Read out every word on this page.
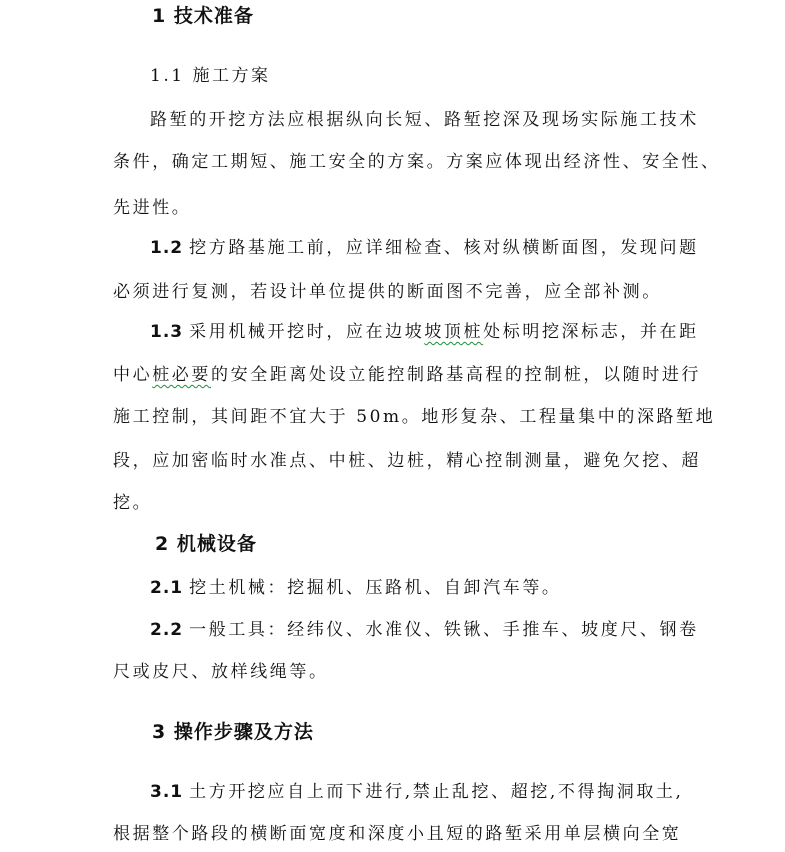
1 技术准备
1.1 施工方案
路堑的开挖方法应根据纵向长短、路堑挖深及现场实际施工技术
条件，确定工期短、施工安全的方案。方案应体现出经济性、安全性、
先进性。
1.2 挖方路基施工前，应详细检查、核对纵横断面图，发现问题
必须进行复测，若设计单位提供的断面图不完善，应全部补测。
1.3 采用机械开挖时，应在边坡坡顶桩处标明挖深标志，并在距
中心桩必要的安全距离处设立能控制路基高程的控制桩，以随时进行
施工控制，其间距不宜大于 50m。地形复杂、工程量集中的深路堑地
段，应加密临时水准点、中桩、边桩，精心控制测量，避免欠挖、超
挖。
2 机械设备
2.1 挖土机械：挖掘机、压路机、自卸汽车等。
2.2 一般工具：经纬仪、水准仪、铁锹、手推车、坡度尺、钢卷
尺或皮尺、放样线绳等。
3 操作步骤及方法
3.1 土方开挖应自上而下进行,禁止乱挖、超挖,不得掏洞取土,
根据整个路段的横断面宽度和深度小且短的路堑采用单层横向全宽
